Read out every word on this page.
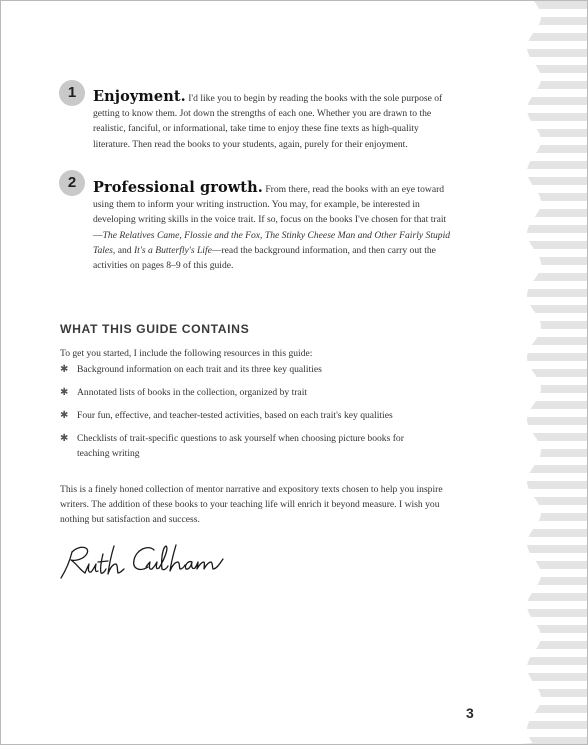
1	Enjoyment. I'd like you to begin by reading the books with the sole purpose of getting to know them. Jot down the strengths of each one. Whether you are drawn to the realistic, fanciful, or informational, take time to enjoy these fine texts as high-quality literature. Then read the books to your students, again, purely for their enjoyment.
2	Professional growth. From there, read the books with an eye toward using them to inform your writing instruction. You may, for example, be interested in developing writing skills in the voice trait. If so, focus on the books I've chosen for that trait—The Relatives Came, Flossie and the Fox, The Stinky Cheese Man and Other Fairly Stupid Tales, and It's a Butterfly's Life—read the background information, and then carry out the activities on pages 8–9 of this guide.
WHAT THIS GUIDE CONTAINS
To get you started, I include the following resources in this guide:
✱ Background information on each trait and its three key qualities
✱ Annotated lists of books in the collection, organized by trait
✱ Four fun, effective, and teacher-tested activities, based on each trait's key qualities
✱ Checklists of trait-specific questions to ask yourself when choosing picture books for teaching writing
This is a finely honed collection of mentor narrative and expository texts chosen to help you inspire writers. The addition of these books to your teaching life will enrich it beyond measure. I wish you nothing but satisfaction and success.
3
